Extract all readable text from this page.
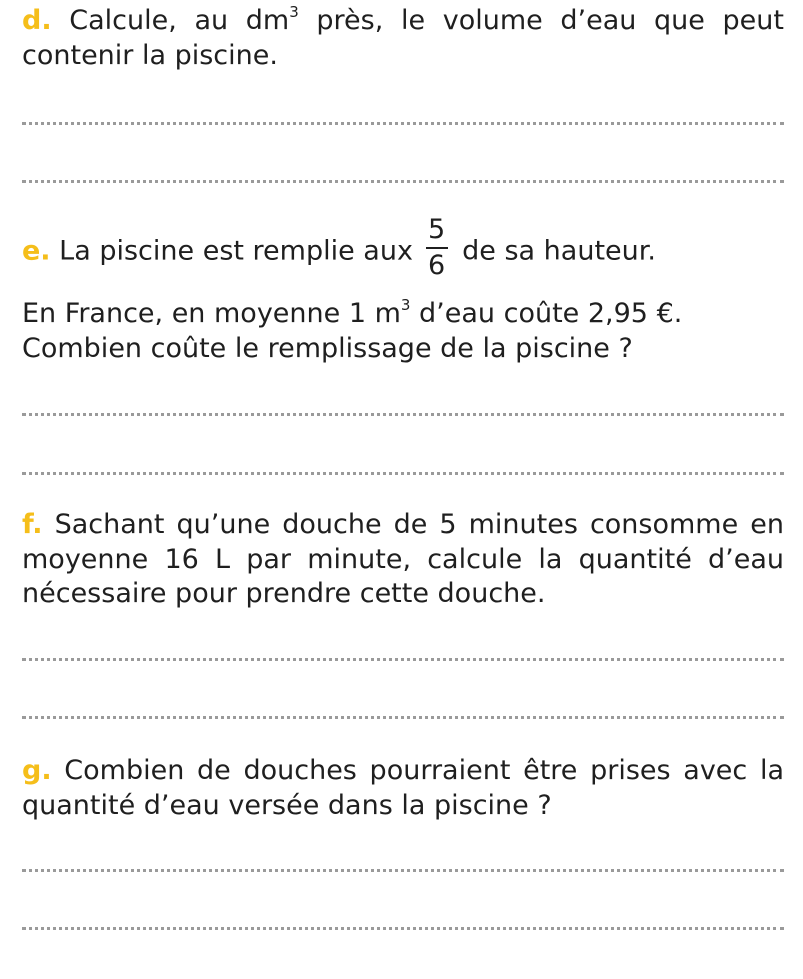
d. Calcule, au $dm^3$ près, le volume d’eau que peut contenir la piscine.

e. La piscine est remplie aux $\frac{5}{6}$ de sa hauteur.

En France, en moyenne 1 $m^3$ d’eau coûte 2,95 €.

Combien coûte le remplissage de la piscine ?

f. Sachant qu’une douche de 5 minutes consomme en moyenne 16 L par minute, calcule la quantité d’eau nécessaire pour prendre cette douche.

g. Combien de douches pourraient être prises avec la quantité d’eau versée dans la piscine ?
